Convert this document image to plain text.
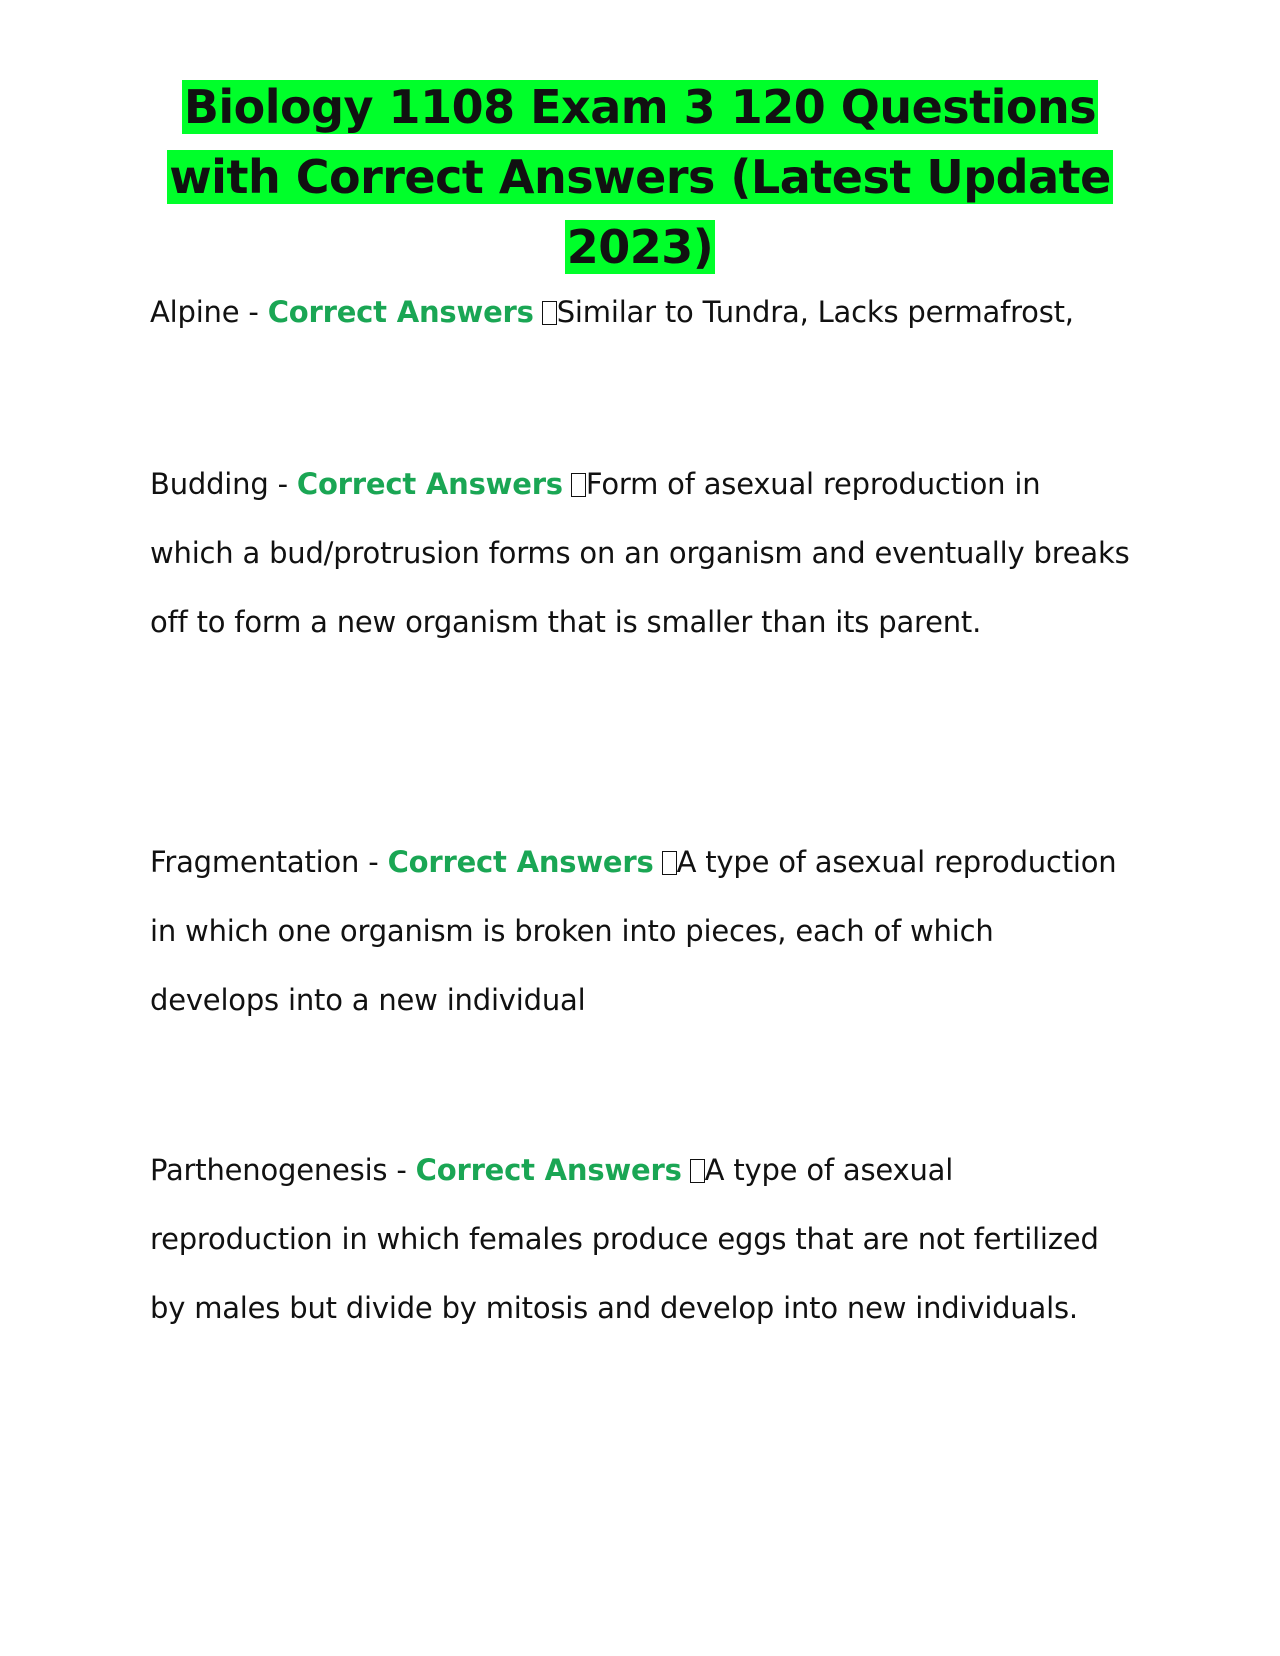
Biology 1108 Exam 3 120 Questions with Correct Answers (Latest Update 2023)
Alpine - Correct Answers Similar to Tundra, Lacks permafrost,
Budding - Correct Answers Form of asexual reproduction in which a bud/protrusion forms on an organism and eventually breaks off to form a new organism that is smaller than its parent.
Fragmentation - Correct Answers A type of asexual reproduction in which one organism is broken into pieces, each of which develops into a new individual
Parthenogenesis - Correct Answers A type of asexual reproduction in which females produce eggs that are not fertilized by males but divide by mitosis and develop into new individuals.
